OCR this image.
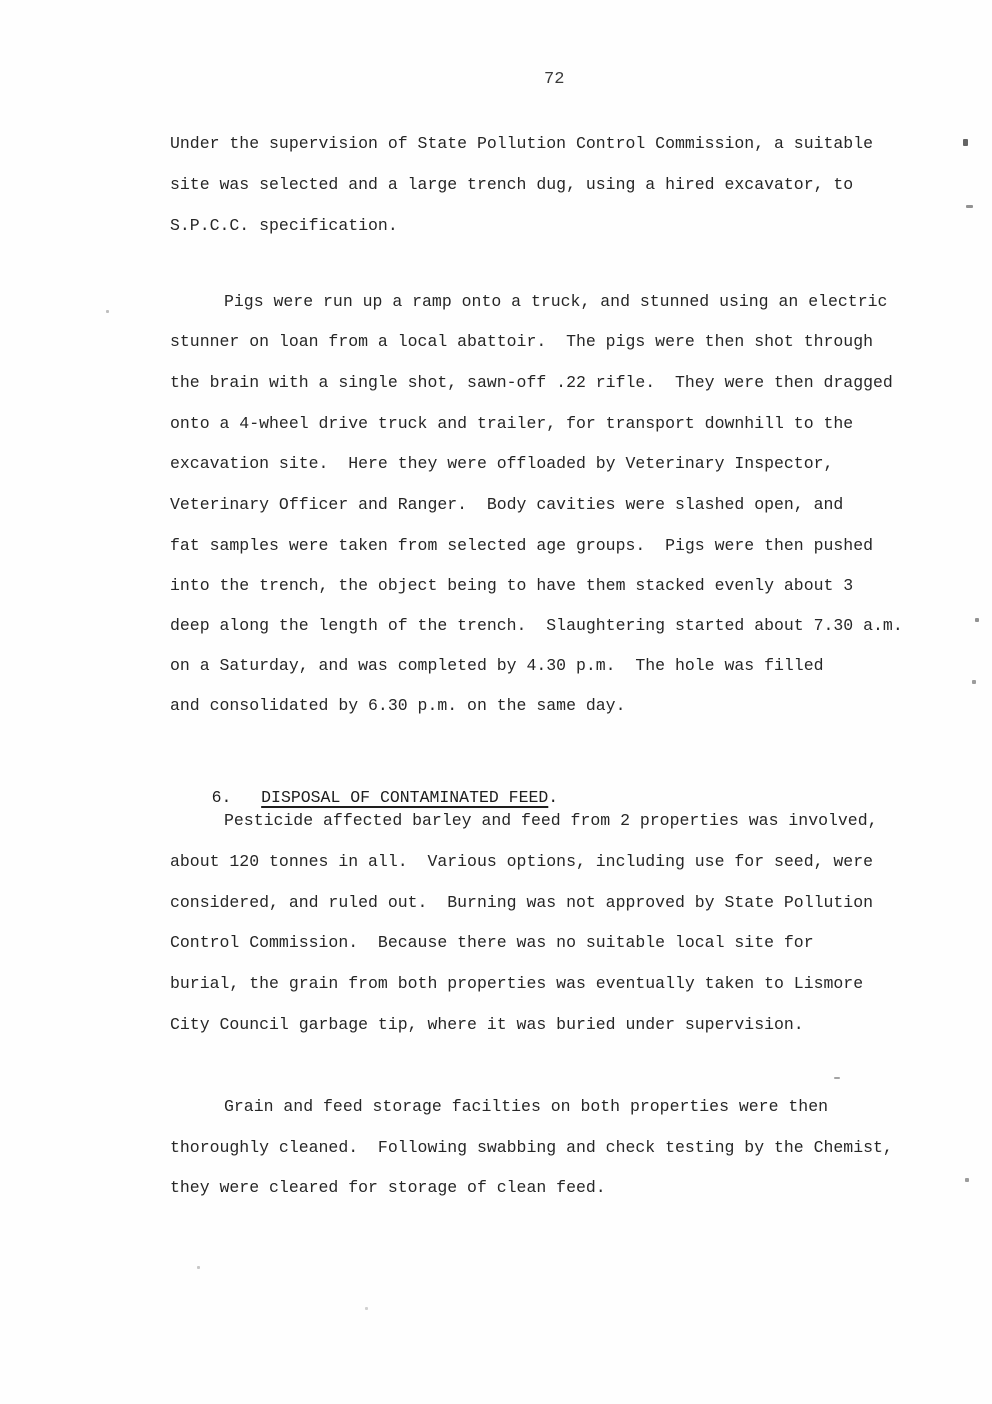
72
Under the supervision of State Pollution Control Commission, a suitable
site was selected and a large trench dug, using a hired excavator, to
S.P.C.C. specification.
Pigs were run up a ramp onto a truck, and stunned using an electric
stunner on loan from a local abattoir.  The pigs were then shot through
the brain with a single shot, sawn-off .22 rifle.  They were then dragged
onto a 4-wheel drive truck and trailer, for transport downhill to the
excavation site.  Here they were offloaded by Veterinary Inspector,
Veterinary Officer and Ranger.  Body cavities were slashed open, and
fat samples were taken from selected age groups.  Pigs were then pushed
into the trench, the object being to have them stacked evenly about 3
deep along the length of the trench.  Slaughtering started about 7.30 a.m.
on a Saturday, and was completed by 4.30 p.m.  The hole was filled
and consolidated by 6.30 p.m. on the same day.

6. DISPOSAL OF CONTAMINATED FEED.

Pesticide affected barley and feed from 2 properties was involved,
about 120 tonnes in all.  Various options, including use for seed, were
considered, and ruled out.  Burning was not approved by State Pollution
Control Commission.  Because there was no suitable local site for
burial, the grain from both properties was eventually taken to Lismore
City Council garbage tip, where it was buried under supervision.
Grain and feed storage facilties on both properties were then
thoroughly cleaned.  Following swabbing and check testing by the Chemist,
they were cleared for storage of clean feed.
